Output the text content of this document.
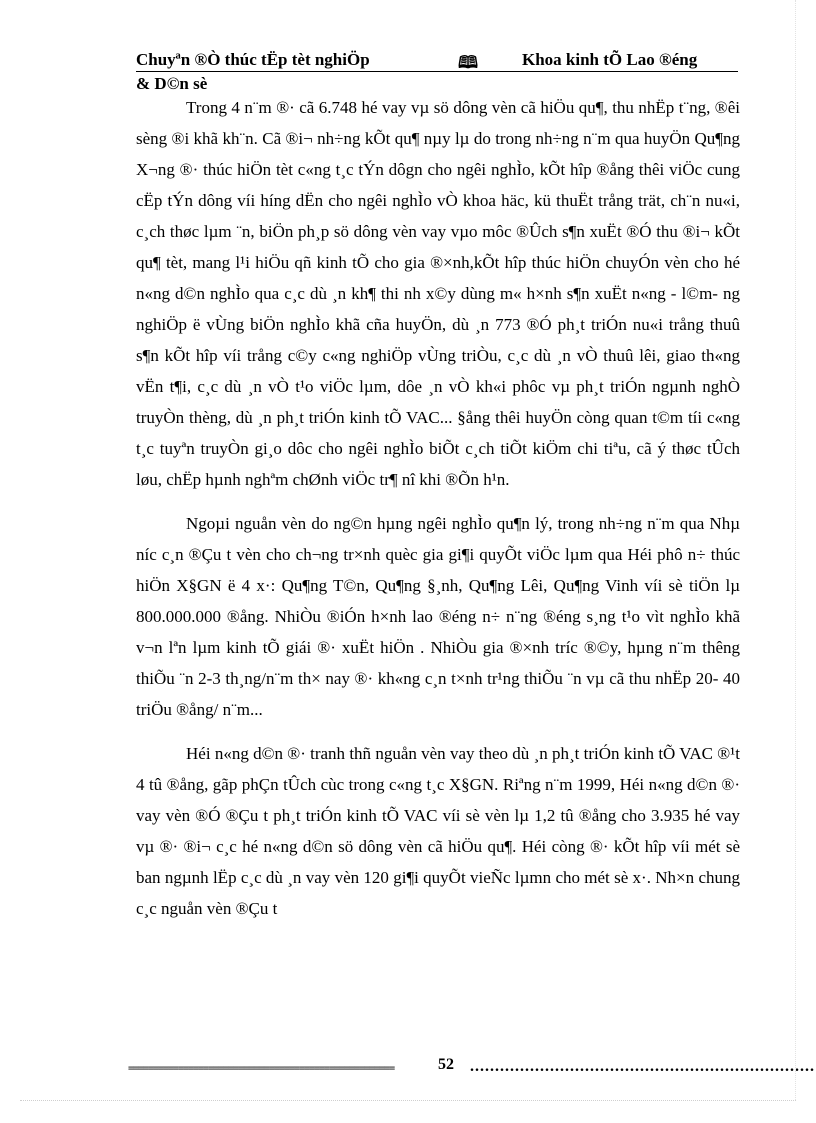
Chuyªn ®Ò thúc tËp tèt nghiÖp	🕮	Khoa kinh tÕ Lao ®éng
& D©n sè

Trong 4 n¨m ®· cã 6.748 hé vay vµ sö dông vèn cã hiÖu qu¶, thu nhËp t¨ng, ®êi sèng ®i khã kh¨n. Cã ®i¬ nh÷ng kÕt qu¶ nµy lµ do trong nh÷ng n¨m qua huyÖn Qu¶ng X¬ng ®· thúc hiÖn tèt c«ng t¸c tÝn dôgn cho ngêi nghÌo, kÕt hîp ®ång thêi viÖc cung cËp tÝn dông víi híng dËn cho ngêi nghÌo vÒ khoa häc, kü thuËt trång trät, ch¨n nu«i, c¸ch thøc lµm ¨n, biÖn ph¸p sö dông vèn vay vµo môc ®Ûch s¶n xuËt ®Ó thu ®i¬ kÕt qu¶ tèt, mang l¹i hiÖu qñ kinh tÕ cho gia ®×nh,kÕt hîp thúc hiÖn chuyÓn vèn cho hé n«ng d©n nghÌo qua c¸c dù ¸n kh¶ thi nh x©y dùng m« h×nh s¶n xuËt n«ng - l©m- ng nghiÖp ë vÙng biÖn nghÌo khã cña huyÖn, dù ¸n 773 ®Ó ph¸t triÓn nu«i trång thuû s¶n kÕt hîp víi trång c©y c«ng nghiÖp vÙng triÒu, c¸c dù ¸n vÒ thuû lêi, giao th«ng vËn t¶i, c¸c dù ¸n vÒ t¹o viÖc lµm, dôe ¸n vÒ kh«i phôc vµ ph¸t triÓn ngµnh nghÒ truyÒn thèng, dù ¸n ph¸t triÓn kinh tÕ VAC... §ång thêi huyÖn còng quan t©m tíi c«ng t¸c tuyªn truyÒn gi¸o dôc cho ngêi nghÌo biÕt c¸ch tiÕt kiÖm chi tiªu, cã ý thøc tÛch løu, chËp hµnh nghªm chØnh viÖc tr¶ nî khi ®Õn h¹n.

Ngoµi nguån vèn do ng©n hµng ngêi nghÌo qu¶n lý, trong nh÷ng n¨m qua Nhµ níc c¸n ®Çu t vèn cho ch¬ng tr×nh quèc gia gi¶i quyÕt viÖc lµm qua Héi phô n÷ thúc hiÖn X§GN ë 4 x·: Qu¶ng T©n, Qu¶ng §¸nh, Qu¶ng Lêi, Qu¶ng Vinh víi sè tiÖn lµ 800.000.000 ®ång. NhiÒu ®iÓn h×nh lao ®éng n÷ n¨ng ®éng s¸ng t¹o vìt nghÌo khã v¬n lªn lµm kinh tÕ giái ®· xuËt hiÖn . NhiÒu gia ®×nh tríc ®©y, hµng n¨m thêng thiÕu ¨n 2-3 th¸ng/n¨m th× nay ®· kh«ng c¸n t×nh tr¹ng thiÕu ¨n vµ cã thu nhËp 20- 40 triÖu ®ång/ n¨m...

Héi n«ng d©n ®· tranh thñ nguån vèn vay theo dù ¸n ph¸t triÓn kinh tÕ VAC ®¹t 4 tû ®ång, gãp phÇn tÛch cùc trong c«ng t¸c X§GN. Riªng n¨m 1999, Héi n«ng d©n ®· vay vèn ®Ó ®Çu t ph¸t triÓn kinh tÕ VAC víi sè vèn lµ 1,2 tû ®ång cho 3.935 hé vay vµ ®· ®i¬ c¸c hé n«ng d©n sö dông vèn cã hiÖu qu¶. Héi còng ®· kÕt hîp víi mét sè ban ngµnh lËp c¸c dù ¸n vay vèn 120 gi¶i quyÕt vieÑc lµmn cho mét sè x·. Nh×n chung c¸c nguån vèn ®Çu t

=====================================================	52 .....................................................................
